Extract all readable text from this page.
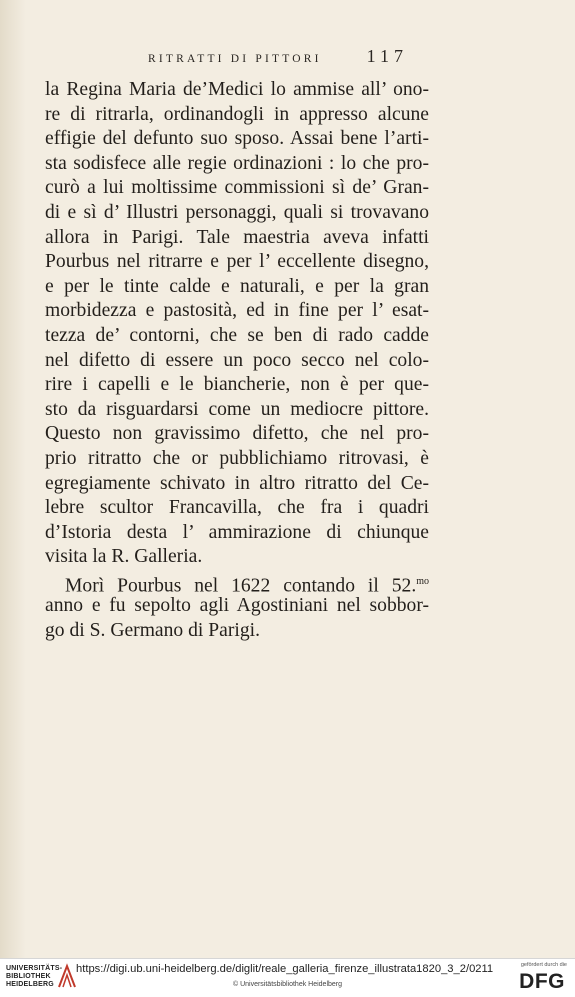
RITRATTI DI PITTORI 117
la Regina Maria de’Medici lo ammise all’ ono-
re di ritrarla, ordinandogli in appresso alcune
effigie del defunto suo sposo. Assai bene l’arti-
sta sodisfece alle regie ordinazioni : lo che pro-
curò a lui moltissime commissioni sì de’ Gran-
di e sì d’ Illustri personaggi, quali si trovavano
allora in Parigi. Tale maestria aveva infatti
Pourbus nel ritrarre e per l’ eccellente disegno,
e per le tinte calde e naturali, e per la gran
morbidezza e pastosità, ed in fine per l’ esat-
tezza de’ contorni, che se ben di rado cadde
nel difetto di essere un poco secco nel colo-
rire i capelli e le biancherie, non è per que-
sto da risguardarsi come un mediocre pittore.
Questo non gravissimo difetto, che nel pro-
prio ritratto che or pubblichiamo ritrovasi, è
egregiamente schivato in altro ritratto del Ce-
lebre scultor Francavilla, che fra i quadri
d’Istoria desta l’ ammirazione di chiunque
visita la R. Galleria.
Morì Pourbus nel 1622 contando il 52.$^{mo}$
anno e fu sepolto agli Agostiniani nel sobbor-
go di S. Germano di Parigi.
UNIVERSITÄTS-
BIBLIOTHEK
HEIDELBERG
https://digi.ub.uni-heidelberg.de/diglit/reale_galleria_firenze_illustrata1820_3_2/0211
© Universitätsbibliothek Heidelberg
gefördert durch die
DFG
